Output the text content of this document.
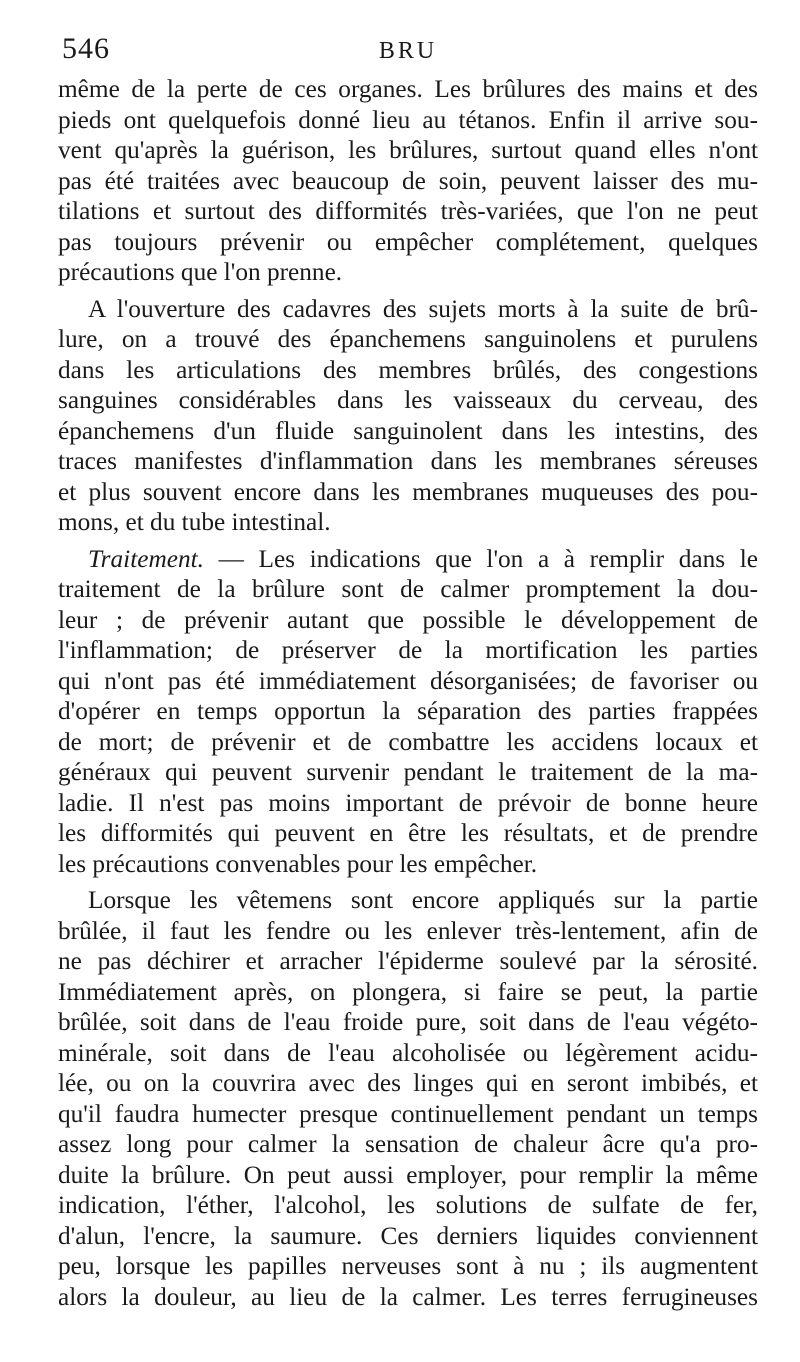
546	BRU
même de la perte de ces organes. Les brûlures des mains et des
pieds ont quelquefois donné lieu au tétanos. Enfin il arrive sou-
vent qu'après la guérison, les brûlures, surtout quand elles n'ont
pas été traitées avec beaucoup de soin, peuvent laisser des mu-
tilations et surtout des difformités très-variées, que l'on ne peut
pas toujours prévenir ou empêcher complétement, quelques
précautions que l'on prenne.
A l'ouverture des cadavres des sujets morts à la suite de brû-
lure, on a trouvé des épanchemens sanguinolens et purulens
dans les articulations des membres brûlés, des congestions
sanguines considérables dans les vaisseaux du cerveau, des
épanchemens d'un fluide sanguinolent dans les intestins, des
traces manifestes d'inflammation dans les membranes séreuses
et plus souvent encore dans les membranes muqueuses des pou-
mons, et du tube intestinal.
Traitement. — Les indications que l'on a à remplir dans le
traitement de la brûlure sont de calmer promptement la dou-
leur ; de prévenir autant que possible le développement de
l'inflammation; de préserver de la mortification les parties
qui n'ont pas été immédiatement désorganisées; de favoriser ou
d'opérer en temps opportun la séparation des parties frappées
de mort; de prévenir et de combattre les accidens locaux et
généraux qui peuvent survenir pendant le traitement de la ma-
ladie. Il n'est pas moins important de prévoir de bonne heure
les difformités qui peuvent en être les résultats, et de prendre
les précautions convenables pour les empêcher.
Lorsque les vêtemens sont encore appliqués sur la partie
brûlée, il faut les fendre ou les enlever très-lentement, afin de
ne pas déchirer et arracher l'épiderme soulevé par la sérosité.
Immédiatement après, on plongera, si faire se peut, la partie
brûlée, soit dans de l'eau froide pure, soit dans de l'eau végéto-
minérale, soit dans de l'eau alcoholisée ou légèrement acidu-
lée, ou on la couvrira avec des linges qui en seront imbibés, et
qu'il faudra humecter presque continuellement pendant un temps
assez long pour calmer la sensation de chaleur âcre qu'a pro-
duite la brûlure. On peut aussi employer, pour remplir la même
indication, l'éther, l'alcohol, les solutions de sulfate de fer,
d'alun, l'encre, la saumure. Ces derniers liquides conviennent
peu, lorsque les papilles nerveuses sont à nu ; ils augmentent
alors la douleur, au lieu de la calmer. Les terres ferrugineuses
